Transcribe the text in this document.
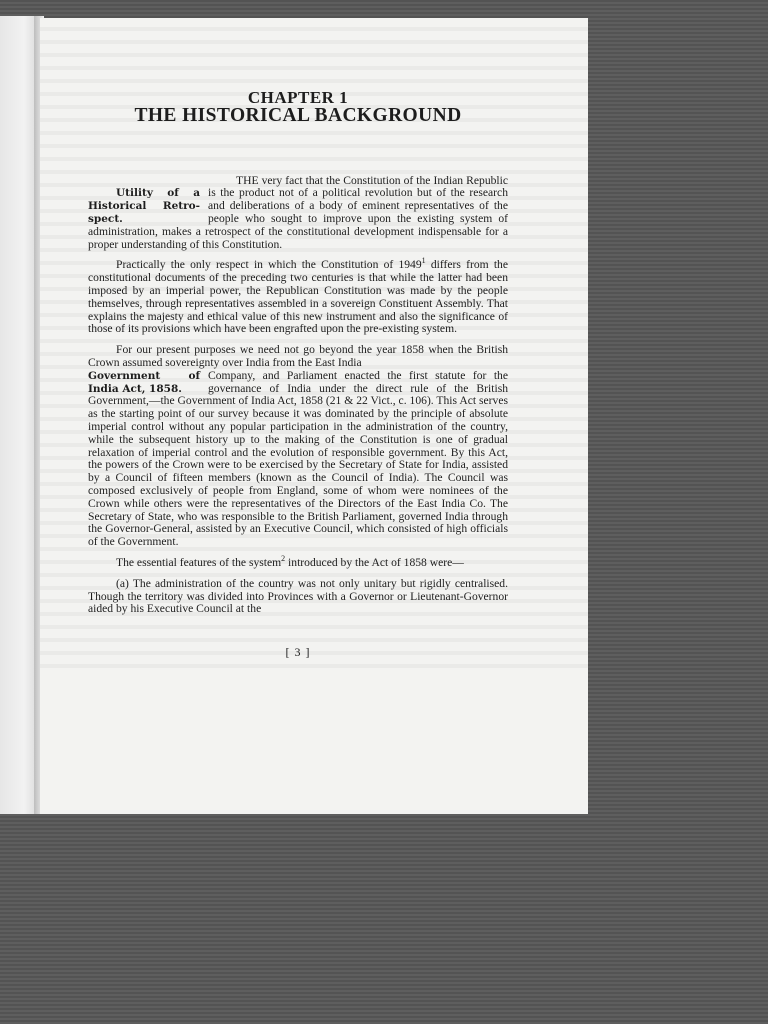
CHAPTER 1
THE HISTORICAL BACKGROUND

Utility of a Historical Retro-spect.
THE very fact that the Constitution of the Indian Republic is the product not of a political revolution but of the research and deliberations of a body of eminent representatives of the people who sought to improve upon the existing system of administration, makes a retrospect of the constitutional development indispensable for a proper understanding of this Constitution.

Practically the only respect in which the Constitution of 1949$^1$ differs from the constitutional documents of the preceding two centuries is that while the latter had been imposed by an imperial power, the Republican Constitution was made by the people themselves, through representatives assembled in a sovereign Constituent Assembly. That explains the majesty and ethical value of this new instrument and also the significance of those of its provisions which have been engrafted upon the pre-existing system.

For our present purposes we need not go beyond the year 1858 when the British Crown assumed sovereignty over India from the East India

Government of India Act, 1858.
Company, and Parliament enacted the first statute for the governance of India under the direct rule of the British Government,—the Government of India Act, 1858 (21 & 22 Vict., c. 106). This Act serves as the starting point of our survey because it was dominated by the principle of absolute imperial control without any popular participation in the administration of the country, while the subsequent history up to the making of the Constitution is one of gradual relaxation of imperial control and the evolution of responsible government. By this Act, the powers of the Crown were to be exercised by the Secretary of State for India, assisted by a Council of fifteen members (known as the Council of India). The Council was composed exclusively of people from England, some of whom were nominees of the Crown while others were the representatives of the Directors of the East India Co. The Secretary of State, who was responsible to the British Parliament, governed India through the Governor-General, assisted by an Executive Council, which consisted of high officials of the Government.

The essential features of the system$^2$ introduced by the Act of 1858 were—

(a) The administration of the country was not only unitary but rigidly centralised. Though the territory was divided into Provinces with a Governor or Lieutenant-Governor aided by his Executive Council at the

[ 3 ]
